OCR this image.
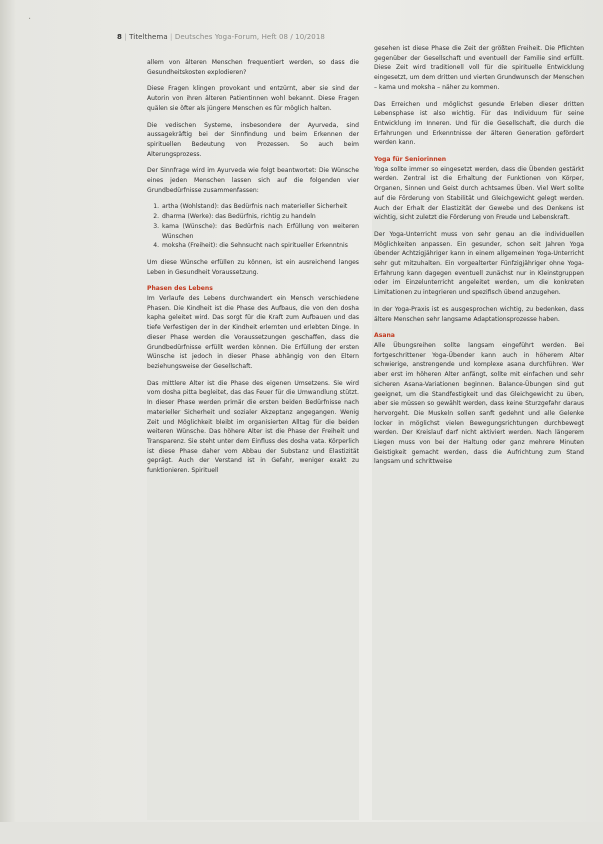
·
8 | Titelthema | Deutsches Yoga-Forum, Heft 08 / 10/2018

allem von älteren Menschen frequentiert werden, so dass die Gesundheitskosten explodieren?

Diese Fragen klingen provokant und entzürnt, aber sie sind der Autorin von ihren älteren Patientinnen wohl bekannt. Diese Fragen quälen sie öfter als jüngere Menschen es für möglich halten.

Die vedischen Systeme, insbesondere der Ayurveda, sind aussagekräftig bei der Sinnfindung und beim Erkennen der spirituellen Bedeutung von Prozessen. So auch beim Alterungsprozess.

Der Sinnfrage wird im Ayurveda wie folgt beantwortet: Die Wünsche eines jeden Menschen lassen sich auf die folgenden vier Grundbedürfnisse zusammenfassen:

1. artha (Wohlstand): das Bedürfnis nach materieller Sicherheit
2. dharma (Werke): das Bedürfnis, richtig zu handeln
3. kama (Wünsche): das Bedürfnis nach Erfüllung von weiteren Wünschen
4. moksha (Freiheit): die Sehnsucht nach spiritueller Erkenntnis

Um diese Wünsche erfüllen zu können, ist ein ausreichend langes Leben in Gesundheit Voraussetzung.

Phasen des Lebens

Im Verlaufe des Lebens durchwandert ein Mensch verschiedene Phasen. Die Kindheit ist die Phase des Aufbaus, die von den dosha kapha geleitet wird. Das sorgt für die Kraft zum Aufbauen und das tiefe Verfestigen der in der Kindheit erlernten und erlebten Dinge. In dieser Phase werden die Voraussetzungen geschaffen, dass die Grundbedürfnisse erfüllt werden können. Die Erfüllung der ersten Wünsche ist jedoch in dieser Phase abhängig von den Eltern beziehungsweise der Gesellschaft.

Das mittlere Alter ist die Phase des eigenen Umsetzens. Sie wird vom dosha pitta begleitet, das das Feuer für die Umwandlung stützt. In dieser Phase werden primär die ersten beiden Bedürfnisse nach materieller Sicherheit und sozialer Akzeptanz angegangen. Wenig Zeit und Möglichkeit bleibt im organisierten Alltag für die beiden weiteren Wünsche. Das höhere Alter ist die Phase der Freiheit und Transparenz. Sie steht unter dem Einfluss des dosha vata. Körperlich ist diese Phase daher vom Abbau der Substanz und Elastizität geprägt. Auch der Verstand ist in Gefahr, weniger exakt zu funktionieren. Spirituell

gesehen ist diese Phase die Zeit der größten Freiheit. Die Pflichten gegenüber der Gesellschaft und eventuell der Familie sind erfüllt. Diese Zeit wird traditionell voll für die spirituelle Entwicklung eingesetzt, um dem dritten und vierten Grundwunsch der Menschen – kama und moksha – näher zu kommen.

Das Erreichen und möglichst gesunde Erleben dieser dritten Lebensphase ist also wichtig. Für das Individuum für seine Entwicklung im Inneren. Und für die Gesellschaft, die durch die Erfahrungen und Erkenntnisse der älteren Generation gefördert werden kann.

Yoga für Seniorinnen

Yoga sollte immer so eingesetzt werden, dass die Übenden gestärkt werden. Zentral ist die Erhaltung der Funktionen von Körper, Organen, Sinnen und Geist durch achtsames Üben. Viel Wert sollte auf die Förderung von Stabilität und Gleichgewicht gelegt werden. Auch der Erhalt der Elastizität der Gewebe und des Denkens ist wichtig, sicht zuletzt die Förderung von Freude und Lebenskraft.

Der Yoga-Unterricht muss von sehr genau an die individuellen Möglichkeiten anpassen. Ein gesunder, schon seit Jahren Yoga übender Achtzigjähriger kann in einem allgemeinen Yoga-Unterricht sehr gut mitzuhalten. Ein vorgealterter Fünfzigjähriger ohne Yoga-Erfahrung kann dagegen eventuell zunächst nur in Kleinstgruppen oder im Einzelunterricht angeleitet werden, um die konkreten Limitationen zu integrieren und spezifisch übend anzugehen.

In der Yoga-Praxis ist es ausgesprochen wichtig, zu bedenken, dass ältere Menschen sehr langsame Adaptationsprozesse haben.

Asana

Alle Übungsreihen sollte langsam eingeführt werden. Bei fortgeschrittener Yoga-Übender kann auch in höherem Alter schwierige, anstrengende und komplexe asana durchführen. Wer aber erst im höheren Alter anfängt, sollte mit einfachen und sehr sicheren Asana-Variationen beginnen. Balance-Übungen sind gut geeignet, um die Standfestigkeit und das Gleichgewicht zu üben, aber sie müssen so gewählt werden, dass keine Sturzgefahr daraus hervorgeht. Die Muskeln sollen sanft gedehnt und alle Gelenke locker in möglichst vielen Bewegungsrichtungen durchbewegt werden. Der Kreislauf darf nicht aktiviert werden. Nach längerem Liegen muss von bei der Haltung oder ganz mehrere Minuten Geistigkeit gemacht werden, dass die Aufrichtung zum Stand langsam und schrittweise
